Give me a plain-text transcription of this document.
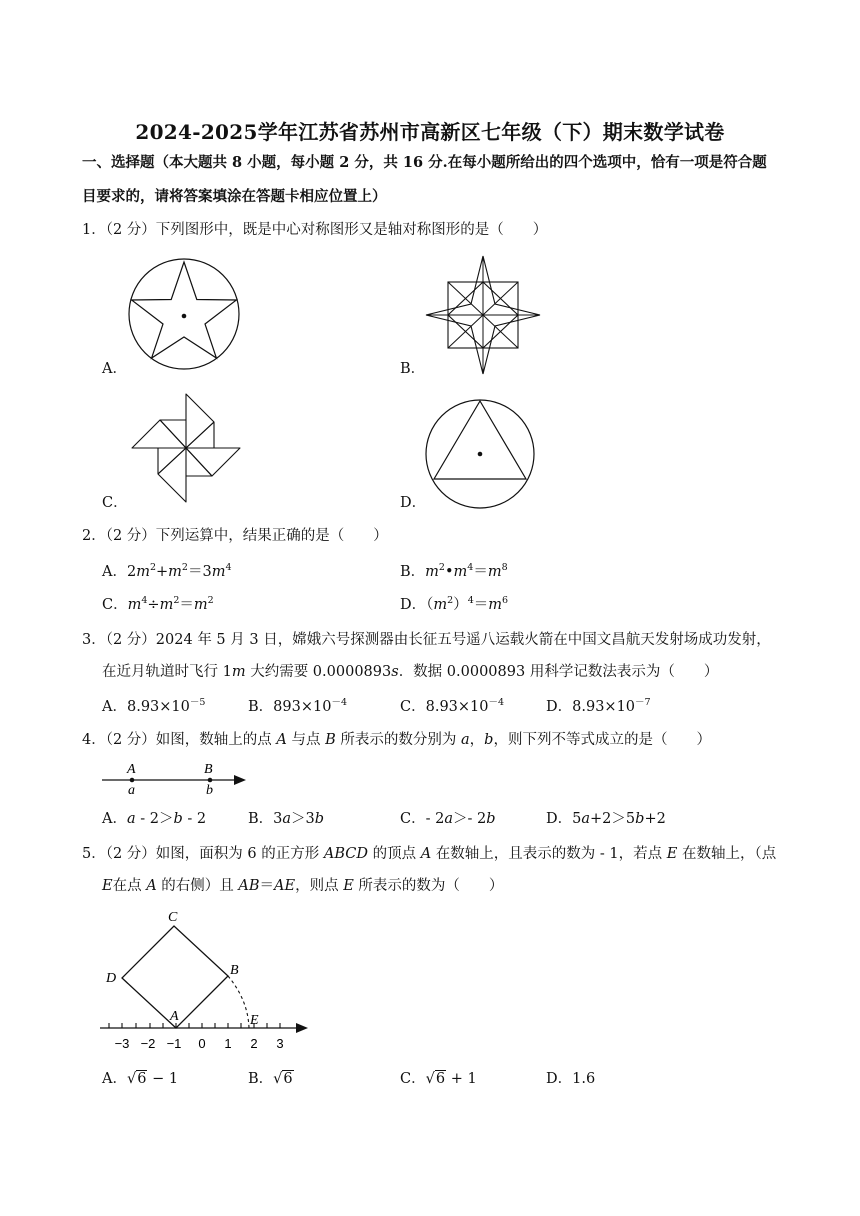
2024-2025学年江苏省苏州市高新区七年级（下）期末数学试卷
一、选择题（本大题共 8 小题，每小题 2 分，共 16 分.在每小题所给出的四个选项中，恰有一项是符合题
目要求的，请将答案填涂在答题卡相应位置上）
1．（2 分）下列图形中，既是中心对称图形又是轴对称图形的是（　　）
A．	B．
C．	D．
2．（2 分）下列运算中，结果正确的是（　　）
A．$2m^2+m^2=3m^4$	B．$m^2•m^4=m^8$
C．$m^4\div m^2=m^2$	D．$(m^2)^4=m^6$
3．（2 分）2024 年 5 月 3 日，嫦娥六号探测器由长征五号遥八运载火箭在中国文昌航天发射场成功发射，
在近月轨道时飞行 1m 大约需要 0.0000893s．数据 0.0000893 用科学记数法表示为（　　）
A．$8.93\times 10^{-5}$	B．$893\times 10^{-4}$	C．$8.93\times 10^{-4}$	D．$8.93\times 10^{-7}$
4．（2 分）如图，数轴上的点 A 与点 B 所表示的数分别为 a，b，则下列不等式成立的是（　　）
A	B
a	b
A．a - 2＞b - 2	B．3a＞3b	C．- 2a＞- 2b	D．5a+2＞5b+2
5．（2 分）如图，面积为 6 的正方形 ABCD 的顶点 A 在数轴上，且表示的数为 - 1，若点 E 在数轴上，（点
E在点 A 的右侧）且 AB＝AE，则点 E 所表示的数为（　　）
C
D
B
A	E
−3 −2 −1 0 1 2 3
A．√6 − 1	B．√6	C．√6 + 1	D．1.6
